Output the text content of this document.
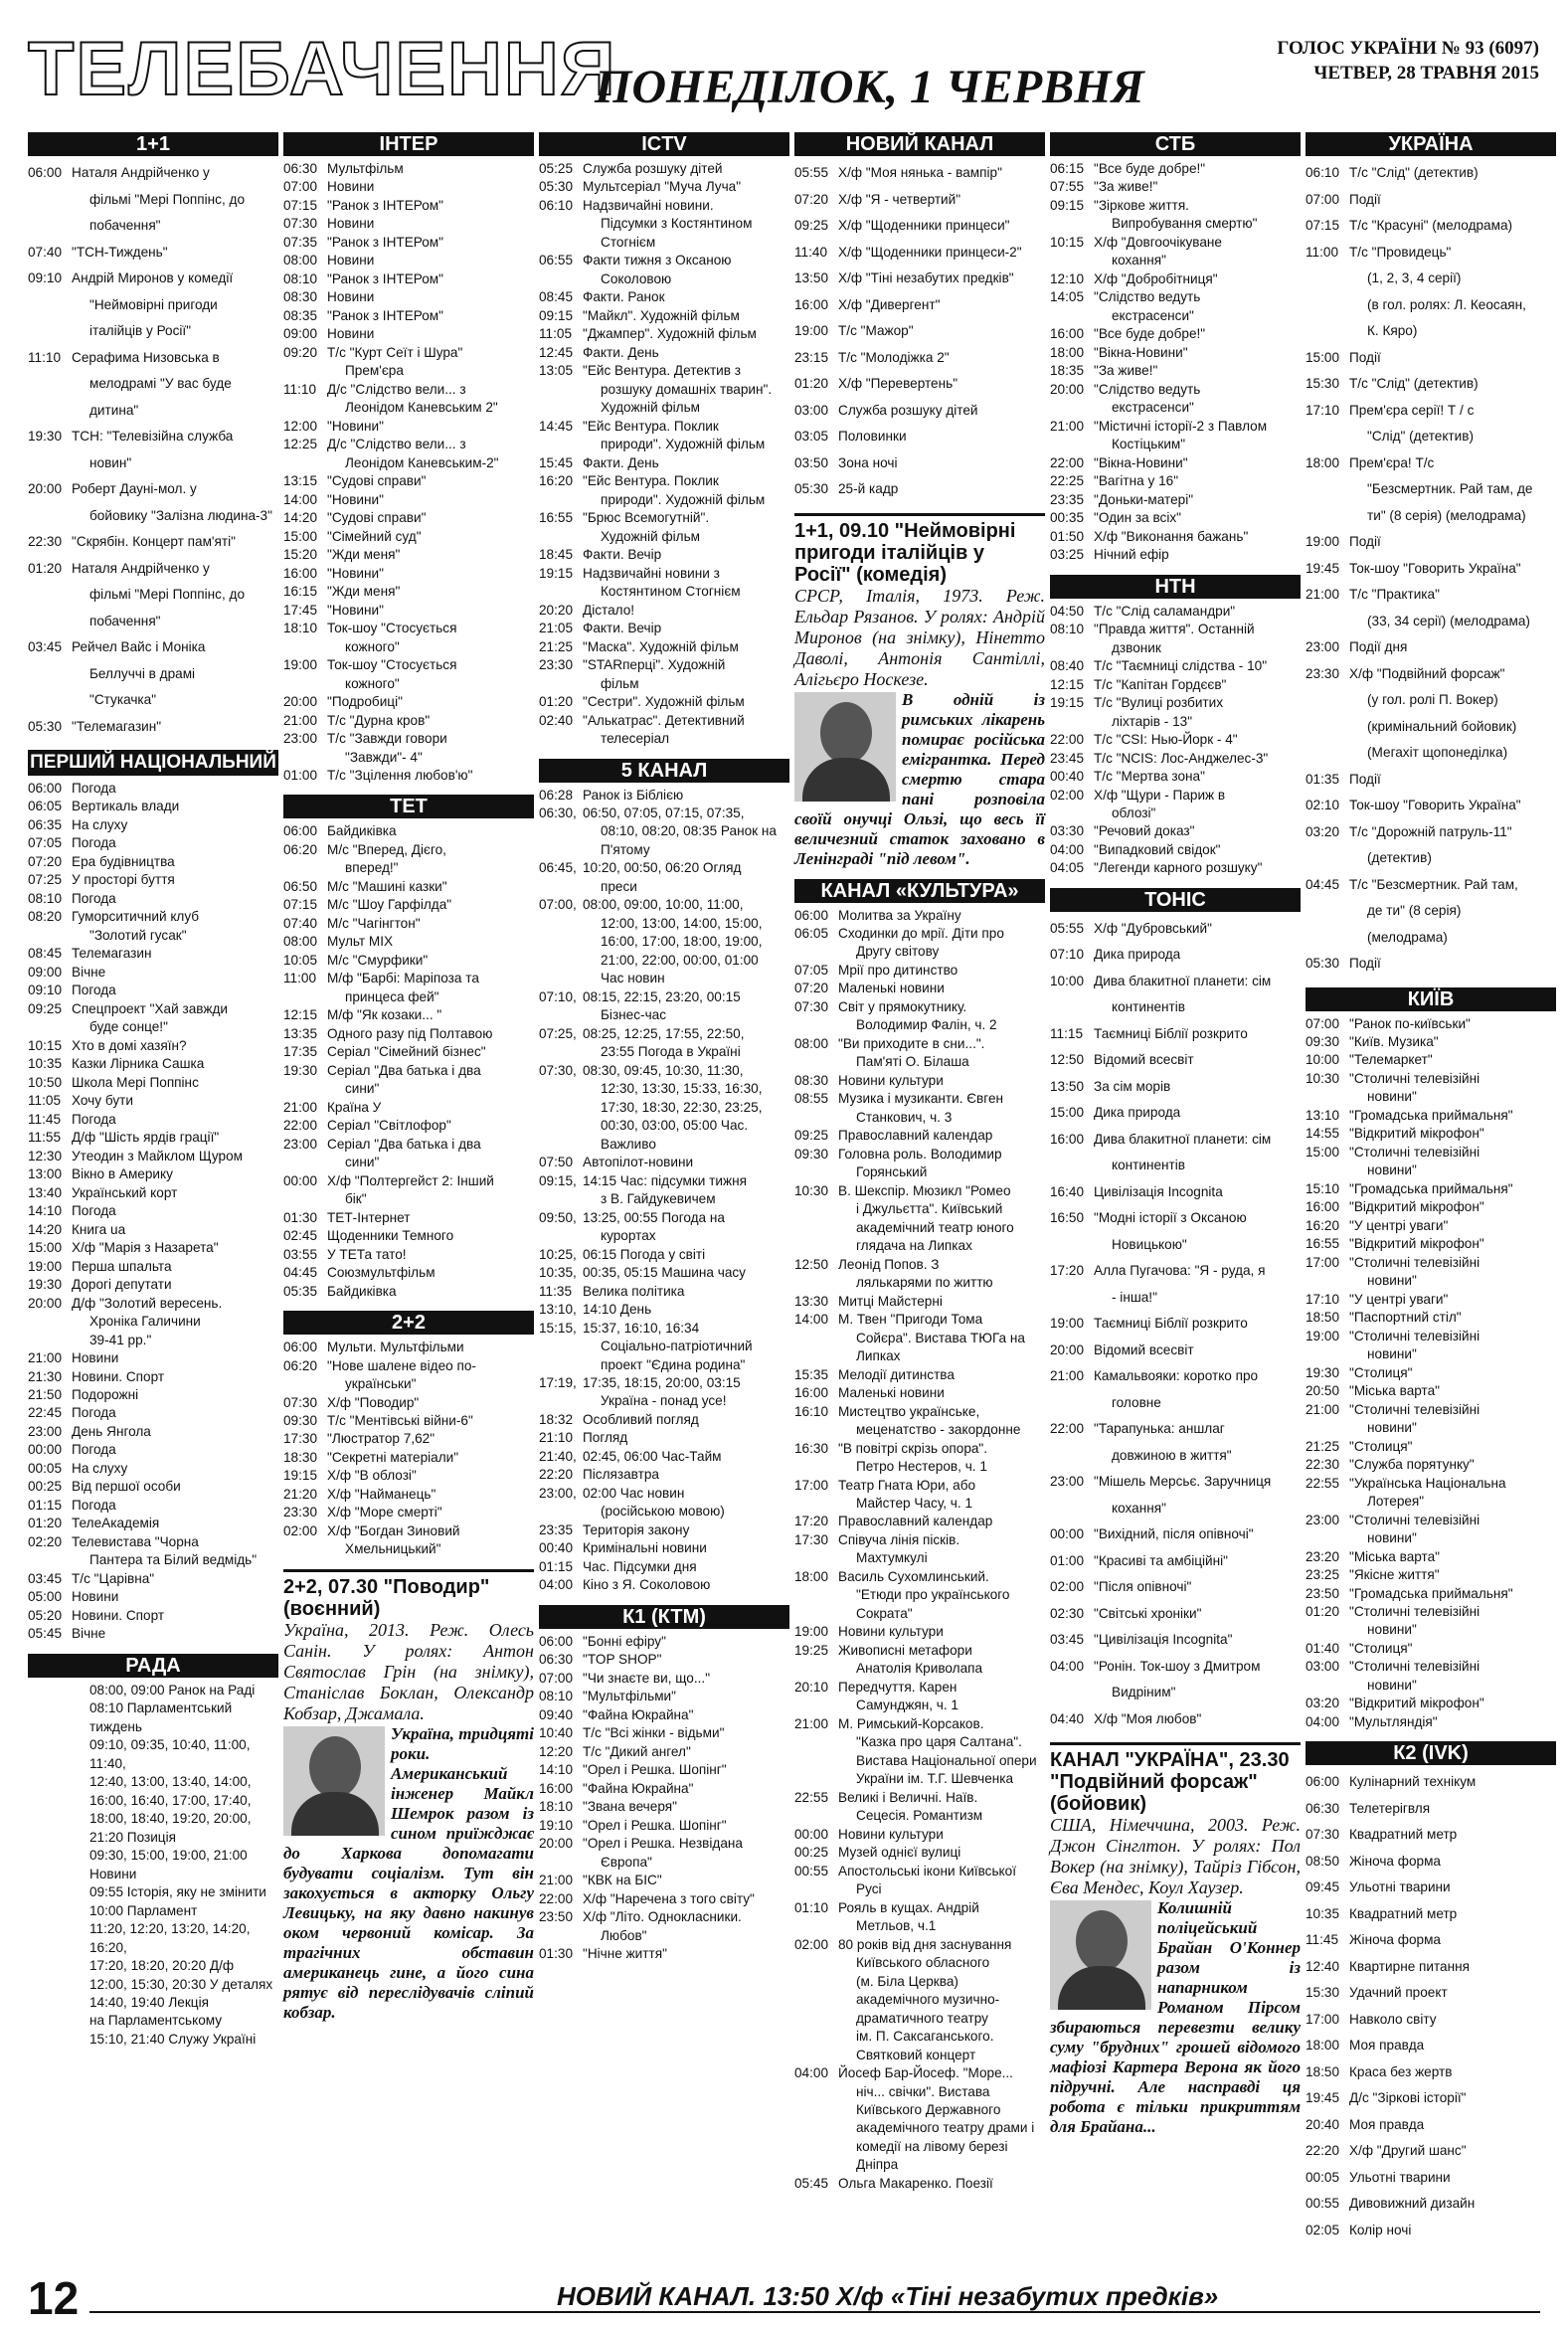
ТЕЛЕБАЧЕННЯ
ПОНЕДІЛОК, 1 ЧЕРВНЯ
ГОЛОС УКРАЇНИ № 93 (6097)
ЧЕТВЕР, 28 ТРАВНЯ 2015
1+1
06:00 Наталя Андрійченко у
фільмі "Мері Поппінс, до
побачення"
07:40 "ТСН-Тиждень"
09:10 Андрій Миронов у комедії
"Неймовірні пригоди
італійців у Росії"
11:10 Серафима Низовська в
мелодрамі "У вас буде
дитина"
19:30 ТСН: "Телевізійна служба
новин"
20:00 Роберт Дауні-мол. у
бойовику "Залізна людина-3"
22:30 "Скрябін. Концерт пам'яті"
01:20 Наталя Андрійченко у
фільмі "Мері Поппінс, до
побачення"
03:45 Рейчел Вайс і Моніка
Беллуччі в драмі
"Стукачка"
05:30 "Телемагазин"
ПЕРШИЙ НАЦІОНАЛЬНИЙ
06:00 Погода
06:05 Вертикаль влади
06:35 На слуху
07:05 Погода
07:20 Ера будівництва
07:25 У просторі буття
08:10 Погода
08:20 Гуморситичний клуб
"Золотий гусак"
08:45 Телемагазин
09:00 Вічне
09:10 Погода
09:25 Спецпроект "Хай завжди
буде сонце!"
10:15 Хто в домі хазяїн?
10:35 Казки Лірника Сашка
10:50 Школа Мері Поппінс
11:05 Хочу бути
11:45 Погода
11:55 Д/ф "Шість ярдів грації"
12:30 Утеодин з Майклом Щуром
13:00 Вікно в Америку
13:40 Український корт
14:10 Погода
14:20 Книга ua
15:00 Х/ф "Марія з Назарета"
19:00 Перша шпальта
19:30 Дорогі депутати
20:00 Д/ф "Золотий вересень.
Хроніка Галичини
39-41 рр."
21:00 Новини
21:30 Новини. Спорт
21:50 Подорожні
22:45 Погода
23:00 День Янгола
00:00 Погода
00:05 На слуху
00:25 Від першої особи
01:15 Погода
01:20 ТелеАкадемія
02:20 Телевистава "Чорна
Пантера та Білий ведмідь"
03:45 Т/с "Царівна"
05:00 Новини
05:20 Новини. Спорт
05:45 Вічне
РАДА
08:00, 09:00 Ранок на Раді
08:10 Парламентський тиждень
09:10, 09:35, 10:40, 11:00, 11:40,
12:40, 13:00, 13:40, 14:00,
16:00, 16:40, 17:00, 17:40,
18:00, 18:40, 19:20, 20:00,
21:20 Позиція
09:30, 15:00, 19:00, 21:00 Новини
09:55 Історія, яку не змінити
10:00 Парламент
11:20, 12:20, 13:20, 14:20, 16:20,
17:20, 18:20, 20:20 Д/ф
12:00, 15:30, 20:30 У деталях
14:40, 19:40 Лекція
на Парламентському
15:10, 21:40 Служу Україні
ІНТЕР
06:30 Мультфільм
07:00 Новини
07:15 "Ранок з ІНТЕРом"
07:30 Новини
07:35 "Ранок з ІНТЕРом"
08:00 Новини
08:10 "Ранок з ІНТЕРом"
08:30 Новини
08:35 "Ранок з ІНТЕРом"
09:00 Новини
09:20 Т/с "Курт Сеїт і Шура"
Прем'єра
11:10 Д/с "Слідство вели... з
Леонідом Каневським 2"
12:00 "Новини"
12:25 Д/с "Слідство вели... з
Леонідом Каневським-2"
13:15 "Судові справи"
14:00 "Новини"
14:20 "Судові справи"
15:00 "Сімейний суд"
15:20 "Жди меня"
16:00 "Новини"
16:15 "Жди меня"
17:45 "Новини"
18:10 Ток-шоу "Стосується
кожного"
19:00 Ток-шоу "Стосується
кожного"
20:00 "Подробиці"
21:00 Т/с "Дурна кров"
23:00 Т/с "Завжди говори
"Завжди"- 4"
01:00 Т/с "Зцілення любов'ю"
ТЕТ
06:00 Байдиківка
06:20 М/с "Вперед, Дієго,
вперед!"
06:50 М/с "Машині казки"
07:15 М/с "Шоу Гарфілда"
07:40 М/с "Чагінгтон"
08:00 Мульт МІХ
10:05 М/с "Смурфики"
11:00 М/ф "Барбі: Маріпоза та
принцеса фей"
12:15 М/ф "Як козаки... "
13:35 Одного разу під Полтавою
17:35 Серіал "Сімейний бізнес"
19:30 Серіал "Два батька і два
сини"
21:00 Країна У
22:00 Серіал "Світлофор"
23:00 Серіал "Два батька і два
сини"
00:00 Х/ф "Полтергейст 2: Інший
бік"
01:30 ТЕТ-Інтернет
02:45 Щоденники Темного
03:55 У ТЕТа тато!
04:45 Союзмультфільм
05:35 Байдиківка
2+2
06:00 Мульти. Мультфільми
06:20 "Нове шалене відео по-
українськи"
07:30 Х/ф "Поводир"
09:30 Т/с "Ментівські війни-6"
17:30 "Люстратор 7,62"
18:30 "Секретні матеріали"
19:15 Х/ф "В облозі"
21:20 Х/ф "Найманець"
23:30 Х/ф "Море смерті"
02:00 Х/ф "Богдан Зиновий
Хмельницький"
2+2, 07.30 "Поводир" (воєнний)
Україна, 2013. Реж. Олесь Санін. У ролях: Антон Святослав Грін (на знімку), Станіслав Боклан, Олександр Кобзар, Джамала.
Україна, тридцяті роки. Американський інженер Майкл Шемрок разом із сином приїжджає до Харкова допомагати будувати соціалізм. Тут він закохується в акторку Ольгу Левицьку, на яку давно накинув оком червоний комісар. За трагічних обставин американець гине, а його сина рятує від переслідувачів сліпий кобзар.
ICTV
05:25 Служба розшуку дітей
05:30 Мультсеріал "Муча Луча"
06:10 Надзвичайні новини.
Підсумки з Костянтином
Стогнієм
06:55 Факти тижня з Оксаною
Соколовою
08:45 Факти. Ранок
09:15 "Майкл". Художній фільм
11:05 "Джампер". Художній фільм
12:45 Факти. День
13:05 "Ейс Вентура. Детектив з
розшуку домашніх тварин".
Художній фільм
14:45 "Ейс Вентура. Поклик
природи". Художній фільм
15:45 Факти. День
16:20 "Ейс Вентура. Поклик
природи". Художній фільм
16:55 "Брюс Всемогутній".
Художній фільм
18:45 Факти. Вечір
19:15 Надзвичайні новини з
Костянтином Стогнієм
20:20 Дістало!
21:05 Факти. Вечір
21:25 "Маска". Художній фільм
23:30 "STARперці". Художній
фільм
01:20 "Сестри". Художній фільм
02:40 "Алькатрас". Детективний
телесеріал
5 КАНАЛ
06:28 Ранок із Біблією
06:30, 06:50, 07:05, 07:15, 07:35,
08:10, 08:20, 08:35 Ранок на
П'ятому
06:45, 10:20, 00:50, 06:20 Огляд
преси
07:00, 08:00, 09:00, 10:00, 11:00,
12:00, 13:00, 14:00, 15:00,
16:00, 17:00, 18:00, 19:00,
21:00, 22:00, 00:00, 01:00
Час новин
07:10, 08:15, 22:15, 23:20, 00:15
Бізнес-час
07:25, 08:25, 12:25, 17:55, 22:50,
23:55 Погода в Україні
07:30, 08:30, 09:45, 10:30, 11:30,
12:30, 13:30, 15:33, 16:30,
17:30, 18:30, 22:30, 23:25,
00:30, 03:00, 05:00 Час.
Важливо
07:50 Автопілот-новини
09:15, 14:15 Час: підсумки тижня
з В. Гайдукевичем
09:50, 13:25, 00:55 Погода на
курортах
10:25, 06:15 Погода у світі
10:35, 00:35, 05:15 Машина часу
11:35 Велика політика
13:10, 14:10 День
15:15, 15:37, 16:10, 16:34
Соціально-патріотичний
проект "Єдина родина"
17:19, 17:35, 18:15, 20:00, 03:15
Україна - понад усе!
18:32 Особливий погляд
21:10 Погляд
21:40, 02:45, 06:00 Час-Тайм
22:20 Післязавтра
23:00, 02:00 Час новин
(російською мовою)
23:35 Територія закону
00:40 Кримінальні новини
01:15 Час. Підсумки дня
04:00 Кіно з Я. Соколовою
К1 (КТМ)
06:00 "Бонні ефіру"
06:30 "TOP SHOP"
07:00 "Чи знаєте ви, що..."
08:10 "Мультфільми"
09:40 "Файна Юкрайна"
10:40 Т/с "Всі жінки - відьми"
12:20 Т/с "Дикий ангел"
14:10 "Орел і Решка. Шопінг"
16:00 "Файна Юкрайна"
18:10 "Званa вечеря"
19:10 "Орел і Решка. Шопінг"
20:00 "Орел і Решка. Незвідана
Європа"
21:00 "КВК на БІС"
22:00 Х/ф "Наречена з того світу"
23:50 Х/ф "Літо. Однокласники.
Любов"
01:30 "Нічне життя"
НОВИЙ КАНАЛ
05:55 Х/ф "Моя нянька - вампір"
07:20 Х/ф "Я - четвертий"
09:25 Х/ф "Щоденники принцеси"
11:40 Х/ф "Щоденники принцеси-2"
13:50 Х/ф "Тіні незабутих предків"
16:00 Х/ф "Дивергент"
19:00 Т/с "Мажор"
23:15 Т/с "Молодіжка 2"
01:20 Х/ф "Перевертень"
03:00 Служба розшуку дітей
03:05 Половинки
03:50 Зона ночі
05:30 25-й кадр
1+1, 09.10 "Неймовірні пригоди італійців у Росії" (комедія)
СРСР, Італія, 1973. Реж. Ельдар Рязанов. У ролях: Андрій Миронов (на знімку), Нінетто Даволі, Антонія Сантіллі, Алігьєро Носкезе.
В одній із римських лікарень помирає російська емігрантка. Перед смертю стара пані розповіла своїй онучці Ользі, що весь її величезний статок заховано в Ленінграді "під левом".
КАНАЛ «КУЛЬТУРА»
06:00 Молитва за Україну
06:05 Сходинки до мрії. Діти про
Другу світову
07:05 Мрії про дитинство
07:20 Маленькі новини
07:30 Світ у прямокутнику.
Володимир Фалін, ч. 2
08:00 "Ви приходите в сни...".
Пам'яті О. Білаша
08:30 Новини культури
08:55 Музика і музиканти. Євген
Станкович, ч. 3
09:25 Православний календар
09:30 Головна роль. Володимир
Горянський
10:30 В. Шекспір. Мюзикл "Ромео
і Джульєтта". Київський
академічний театр юного
глядача на Липках
12:50 Леонід Попов. З
лялькарями по життю
13:30 Митці Майстерні
14:00 М. Твен "Пригоди Тома
Сойєра". Вистава ТЮГа на
Липках
15:35 Мелодії дитинства
16:00 Маленькі новини
16:10 Мистецтво українське,
меценатство - закордонне
16:30 "В повітрі скрізь опора".
Петро Нестеров, ч. 1
17:00 Театр Гната Юри, або
Майстер Часу, ч. 1
17:20 Православний календар
17:30 Співуча лінія пісків.
Махтумкулі
18:00 Василь Сухомлинський.
"Етюди про українського
Сократа"
19:00 Новини культури
19:25 Живописні метафори
Анатолія Криволапа
20:10 Передчуття. Карен
Самунджян, ч. 1
21:00 М. Римський-Корсаков.
"Казка про царя Салтана".
Вистава Національної опери
України ім. Т.Г. Шевченка
22:55 Великі і Величні. Наїв.
Сецесія. Романтизм
00:00 Новини культури
00:25 Музей однієї вулиці
00:55 Апостольські ікони Київської
Русі
01:10 Рояль в кущах. Андрій
Метльов, ч.1
02:00 80 років від дня заснування
Київського обласного
(м. Біла Церква)
академічного музично-
драматичного театру
ім. П. Саксаганського.
Святковий концерт
04:00 Йосеф Бар-Йосеф. "Море...
ніч... свічки". Вистава
Київського Державного
академічного театру драми і
комедії на лівому березі
Дніпра
05:45 Ольга Макаренко. Поезії
СТБ
06:15 "Все буде добре!"
07:55 "За живе!"
09:15 "Зіркове життя.
Випробування смертю"
10:15 Х/ф "Довгоочікуване
кохання"
12:10 Х/ф "Добробітниця"
14:05 "Слідство ведуть
екстрасенси"
16:00 "Все буде добре!"
18:00 "Вікна-Новини"
18:35 "За живе!"
20:00 "Слідство ведуть
екстрасенси"
21:00 "Містичні історії-2 з Павлом
Костіцьким"
22:00 "Вікна-Новини"
22:25 "Вагітна у 16"
23:35 "Доньки-матері"
00:35 "Один за всіх"
01:50 Х/ф "Виконання бажань"
03:25 Нічний ефір
НТН
04:50 Т/с "Слід саламандри"
08:10 "Правда життя". Останній
дзвоник
08:40 Т/с "Таємниці слідства - 10"
12:15 Т/с "Капітан Гордєєв"
19:15 Т/с "Вулиці розбитих
ліхтарів - 13"
22:00 Т/с "CSI: Нью-Йорк - 4"
23:45 Т/с "NCIS: Лос-Анджелес-3"
00:40 Т/с "Мертва зона"
02:00 Х/ф "Щури - Париж в
облозі"
03:30 "Речовий доказ"
04:00 "Випадковий свідок"
04:05 "Легенди карного розшуку"
ТОНІС
05:55 Х/ф "Дубровський"
07:10 Дика природа
10:00 Дива блакитної планети: сім
континентів
11:15 Таємниці Біблії розкрито
12:50 Відомий всесвіт
13:50 За сім морів
15:00 Дика природа
16:00 Дива блакитної планети: сім
континентів
16:40 Цивілізація Incognita
16:50 "Модні історії з Оксаною
Новицькою"
17:20 Алла Пугачова: "Я - руда, я
- інша!"
19:00 Таємниці Біблії розкрито
20:00 Відомий всесвіт
21:00 Камальвояки: коротко про
головне
22:00 "Тарапунька: аншлаг
довжиною в життя"
23:00 "Мішель Мерсьє. Заручниця
кохання"
00:00 "Вихідний, після опівночі"
01:00 "Красиві та амбіційні"
02:00 "Після опівночі"
02:30 "Світські хроніки"
03:45 "Цивілізація Incognita"
04:00 "Ронін. Ток-шоу з Дмитром
Видріним"
04:40 Х/ф "Моя любов"
КАНАЛ "УКРАЇНА", 23.30 "Подвійний форсаж" (бойовик)
США, Німеччина, 2003. Реж. Джон Сінглтон. У ролях: Пол Вокер (на знімку), Тайріз Гібсон, Єва Мендес, Коул Хаузер.
Колишній поліцейський Брайан О'Коннер разом із напарником Романом Пірсом збираються перевезти велику суму "брудних" грошей відомого мафіозі Картера Верона як його підручні. Але насправді ця робота є тільки прикриттям для Брайана...
УКРАЇНА
06:10 Т/с "Слід" (детектив)
07:00 Події
07:15 Т/с "Красуні" (мелодрама)
11:00 Т/с "Провидець"
(1, 2, 3, 4 серії)
(в гол. ролях: Л. Кеосаян,
К. Кяро)
15:00 Події
15:30 Т/с "Слід" (детектив)
17:10 Прем'єра серії! Т / с
"Слід" (детектив)
18:00 Прем'єра! Т/с
"Безсмертник. Рай там, де
ти" (8 серія) (мелодрама)
19:00 Події
19:45 Ток-шоу "Говорить Україна"
21:00 Т/с "Практика"
(33, 34 серії) (мелодрама)
23:00 Події дня
23:30 Х/ф "Подвійний форсаж"
(у гол. ролі П. Вокер)
(кримінальний бойовик)
(Мегахіт щопонеділка)
01:35 Події
02:10 Ток-шоу "Говорить Україна"
03:20 Т/с "Дорожній патруль-11"
(детектив)
04:45 Т/с "Безсмертник. Рай там,
де ти" (8 серія)
(мелодрама)
05:30 Події
КИЇВ
07:00 "Ранок по-київськи"
09:30 "Київ. Музика"
10:00 "Телемаркет"
10:30 "Столичні телевізійні
новини"
13:10 "Громадська приймальня"
14:55 "Відкритий мікрофон"
15:00 "Столичні телевізійні
новини"
15:10 "Громадська приймальня"
16:00 "Відкритий мікрофон"
16:20 "У центрі уваги"
16:55 "Відкритий мікрофон"
17:00 "Столичні телевізійні
новини"
17:10 "У центрі уваги"
18:50 "Паспортний стіл"
19:00 "Столичні телевізійні
новини"
19:30 "Столиця"
20:50 "Міська варта"
21:00 "Столичні телевізійні
новини"
21:25 "Столиця"
22:30 "Служба порятунку"
22:55 "Українська Національна
Лотерея"
23:00 "Столичні телевізійні
новини"
23:20 "Міська варта"
23:25 "Якісне життя"
23:50 "Громадська приймальня"
01:20 "Столичні телевізійні
новини"
01:40 "Столиця"
03:00 "Столичні телевізійні
новини"
03:20 "Відкритий мікрофон"
04:00 "Мультляндія"
К2 (IVK)
06:00 Кулінарний технікум
06:30 Телетерiгвля
07:30 Квадратний метр
08:50 Жіноча форма
09:45 Ульотні тварини
10:35 Квадратний метр
11:45 Жіноча форма
12:40 Квартирне питання
15:30 Удачний проект
17:00 Навколо світу
18:00 Моя правда
18:50 Краса без жертв
19:45 Д/с "Зіркові історії"
20:40 Моя правда
22:20 Х/ф "Другий шанс"
00:05 Ульотні тварини
00:55 Дивовижний дизайн
02:05 Колір ночі
12	НОВИЙ КАНАЛ. 13:50 Х/ф «Тіні незабутих предків»
